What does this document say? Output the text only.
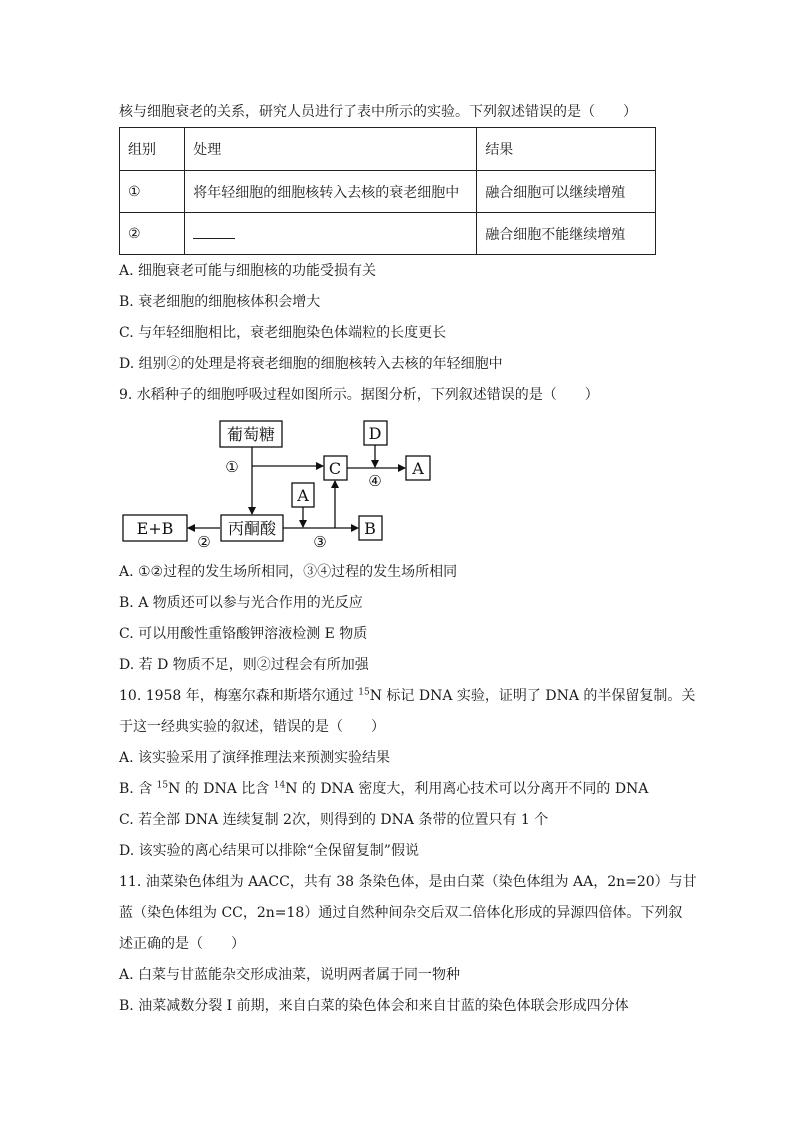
核与细胞衰老的关系，研究人员进行了表中所示的实验。下列叙述错误的是（　　）
组别	处理	结果
①	将年轻细胞的细胞核转入去核的衰老细胞中	融合细胞可以继续增殖
②		融合细胞不能继续增殖
A. 细胞衰老可能与细胞核的功能受损有关
B. 衰老细胞的细胞核体积会增大
C. 与年轻细胞相比，衰老细胞染色体端粒的长度更长
D. 组别②的处理是将衰老细胞的细胞核转入去核的年轻细胞中
9. 水稻种子的细胞呼吸过程如图所示。据图分析，下列叙述错误的是（　　）
葡萄糖
丙酮酸
E+B
A
C
D
A
B
①
②	③
④
A. ①②过程的发生场所相同，③④过程的发生场所相同
B. A 物质还可以参与光合作用的光反应
C. 可以用酸性重铬酸钾溶液检测 E 物质
D. 若 D 物质不足，则②过程会有所加强
10. 1958 年，梅塞尔森和斯塔尔通过 $^{15}$N 标记 DNA 实验，证明了 DNA 的半保留复制。关
于这一经典实验的叙述，错误的是（　　）
A. 该实验采用了演绎推理法来预测实验结果
B. 含 $^{15}$N 的 DNA 比含 $^{14}$N 的 DNA 密度大，利用离心技术可以分离开不同的 DNA
C. 若全部 DNA 连续复制 2次，则得到的 DNA 条带的位置只有 1 个
D. 该实验的离心结果可以排除“全保留复制”假说
11. 油菜染色体组为 AACC，共有 38 条染色体，是由白菜（染色体组为 AA，2n=20）与甘
蓝（染色体组为 CC，2n=18）通过自然种间杂交后双二倍体化形成的异源四倍体。下列叙
述正确的是（　　）
A. 白菜与甘蓝能杂交形成油菜，说明两者属于同一物种
B. 油菜减数分裂 I 前期，来自白菜的染色体会和来自甘蓝的染色体联会形成四分体
